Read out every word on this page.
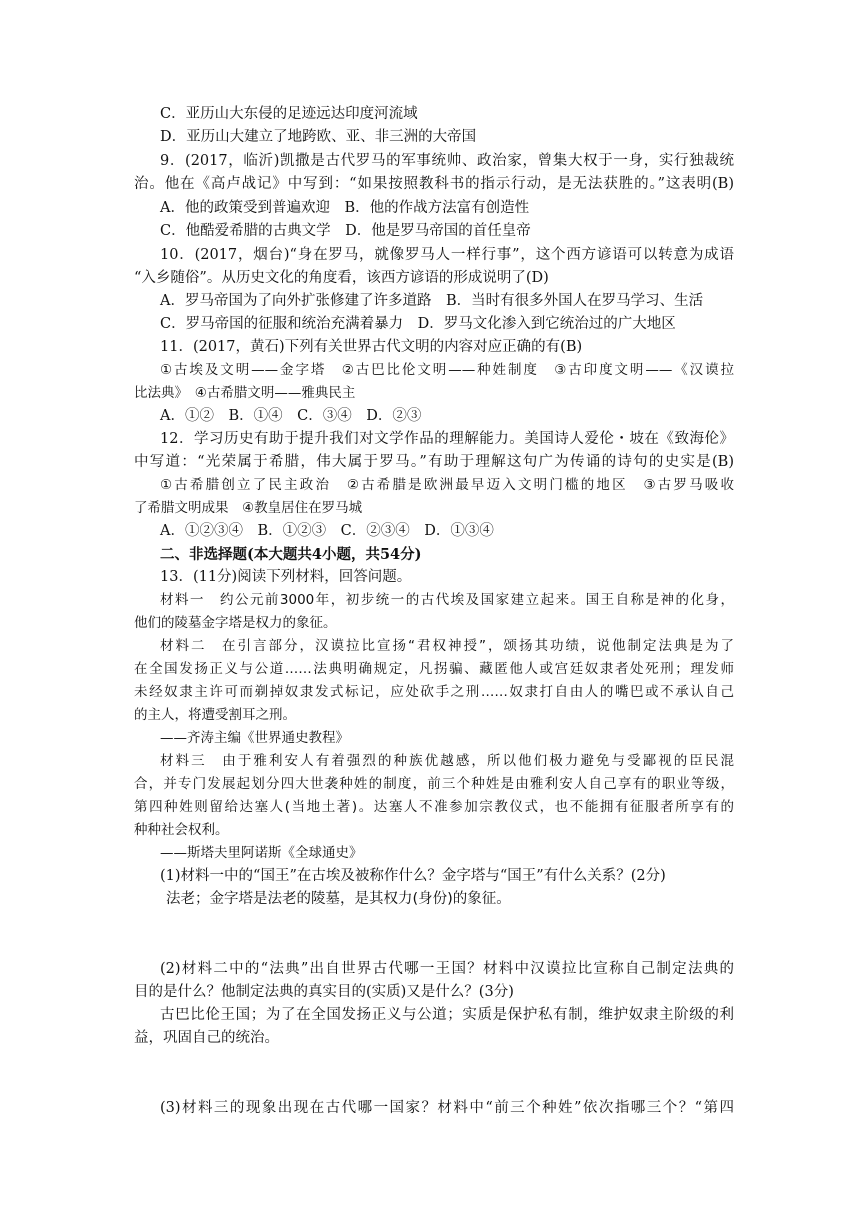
C．亚历山大东侵的足迹远达印度河流域
D．亚历山大建立了地跨欧、亚、非三洲的大帝国
9．(2017，临沂)凯撒是古代罗马的军事统帅、政治家，曾集大权于一身，实行独裁统
治。他在《高卢战记》中写到：“如果按照教科书的指示行动，是无法获胜的。”这表明(B)
A．他的政策受到普遍欢迎　B．他的作战方法富有创造性
C．他酷爱希腊的古典文学　D．他是罗马帝国的首任皇帝
10．(2017，烟台)“身在罗马，就像罗马人一样行事”，这个西方谚语可以转意为成语
“入乡随俗”。从历史文化的角度看，该西方谚语的形成说明了(D)
A．罗马帝国为了向外扩张修建了许多道路　B．当时有很多外国人在罗马学习、生活
C．罗马帝国的征服和统治充满着暴力　D．罗马文化渗入到它统治过的广大地区
11．(2017，黄石)下列有关世界古代文明的内容对应正确的有(B)
①古埃及文明——金字塔　②古巴比伦文明——种姓制度　③古印度文明——《汉谟拉
比法典》　④古希腊文明——雅典民主
A．①②　B．①④　C．③④　D．②③
12．学习历史有助于提升我们对文学作品的理解能力。美国诗人爱伦・坡在《致海伦》
中写道：“光荣属于希腊，伟大属于罗马。”有助于理解这句广为传诵的诗句的史实是(B)
①古希腊创立了民主政治　②古希腊是欧洲最早迈入文明门槛的地区　③古罗马吸收
了希腊文明成果　④教皇居住在罗马城
A．①②③④　B．①②③　C．②③④　D．①③④
二、非选择题(本大题共4小题，共54分)
13．(11分)阅读下列材料，回答问题。
材料一　约公元前3000年，初步统一的古代埃及国家建立起来。国王自称是神的化身，
他们的陵墓金字塔是权力的象征。
材料二　在引言部分，汉谟拉比宣扬“君权神授”，颂扬其功绩，说他制定法典是为了
在全国发扬正义与公道……法典明确规定，凡拐骗、藏匿他人或宫廷奴隶者处死刑；理发师
未经奴隶主许可而剃掉奴隶发式标记，应处砍手之刑……奴隶打自由人的嘴巴或不承认自己
的主人，将遭受割耳之刑。
——齐涛主编《世界通史教程》
材料三　由于雅利安人有着强烈的种族优越感，所以他们极力避免与受鄙视的臣民混
合，并专门发展起划分四大世袭种姓的制度，前三个种姓是由雅利安人自己享有的职业等级，
第四种姓则留给达塞人(当地土著)。达塞人不准参加宗教仪式，也不能拥有征服者所享有的
种种社会权利。
——斯塔夫里阿诺斯《全球通史》
(1)材料一中的“国王”在古埃及被称作什么？金字塔与“国王”有什么关系？(2分)
法老；金字塔是法老的陵墓，是其权力(身份)的象征。
(2)材料二中的“法典”出自世界古代哪一王国？材料中汉谟拉比宣称自己制定法典的
目的是什么？他制定法典的真实目的(实质)又是什么？(3分)
古巴比伦王国；为了在全国发扬正义与公道；实质是保护私有制，维护奴隶主阶级的利
益，巩固自己的统治。
(3)材料三的现象出现在古代哪一国家？材料中“前三个种姓”依次指哪三个？“第四
